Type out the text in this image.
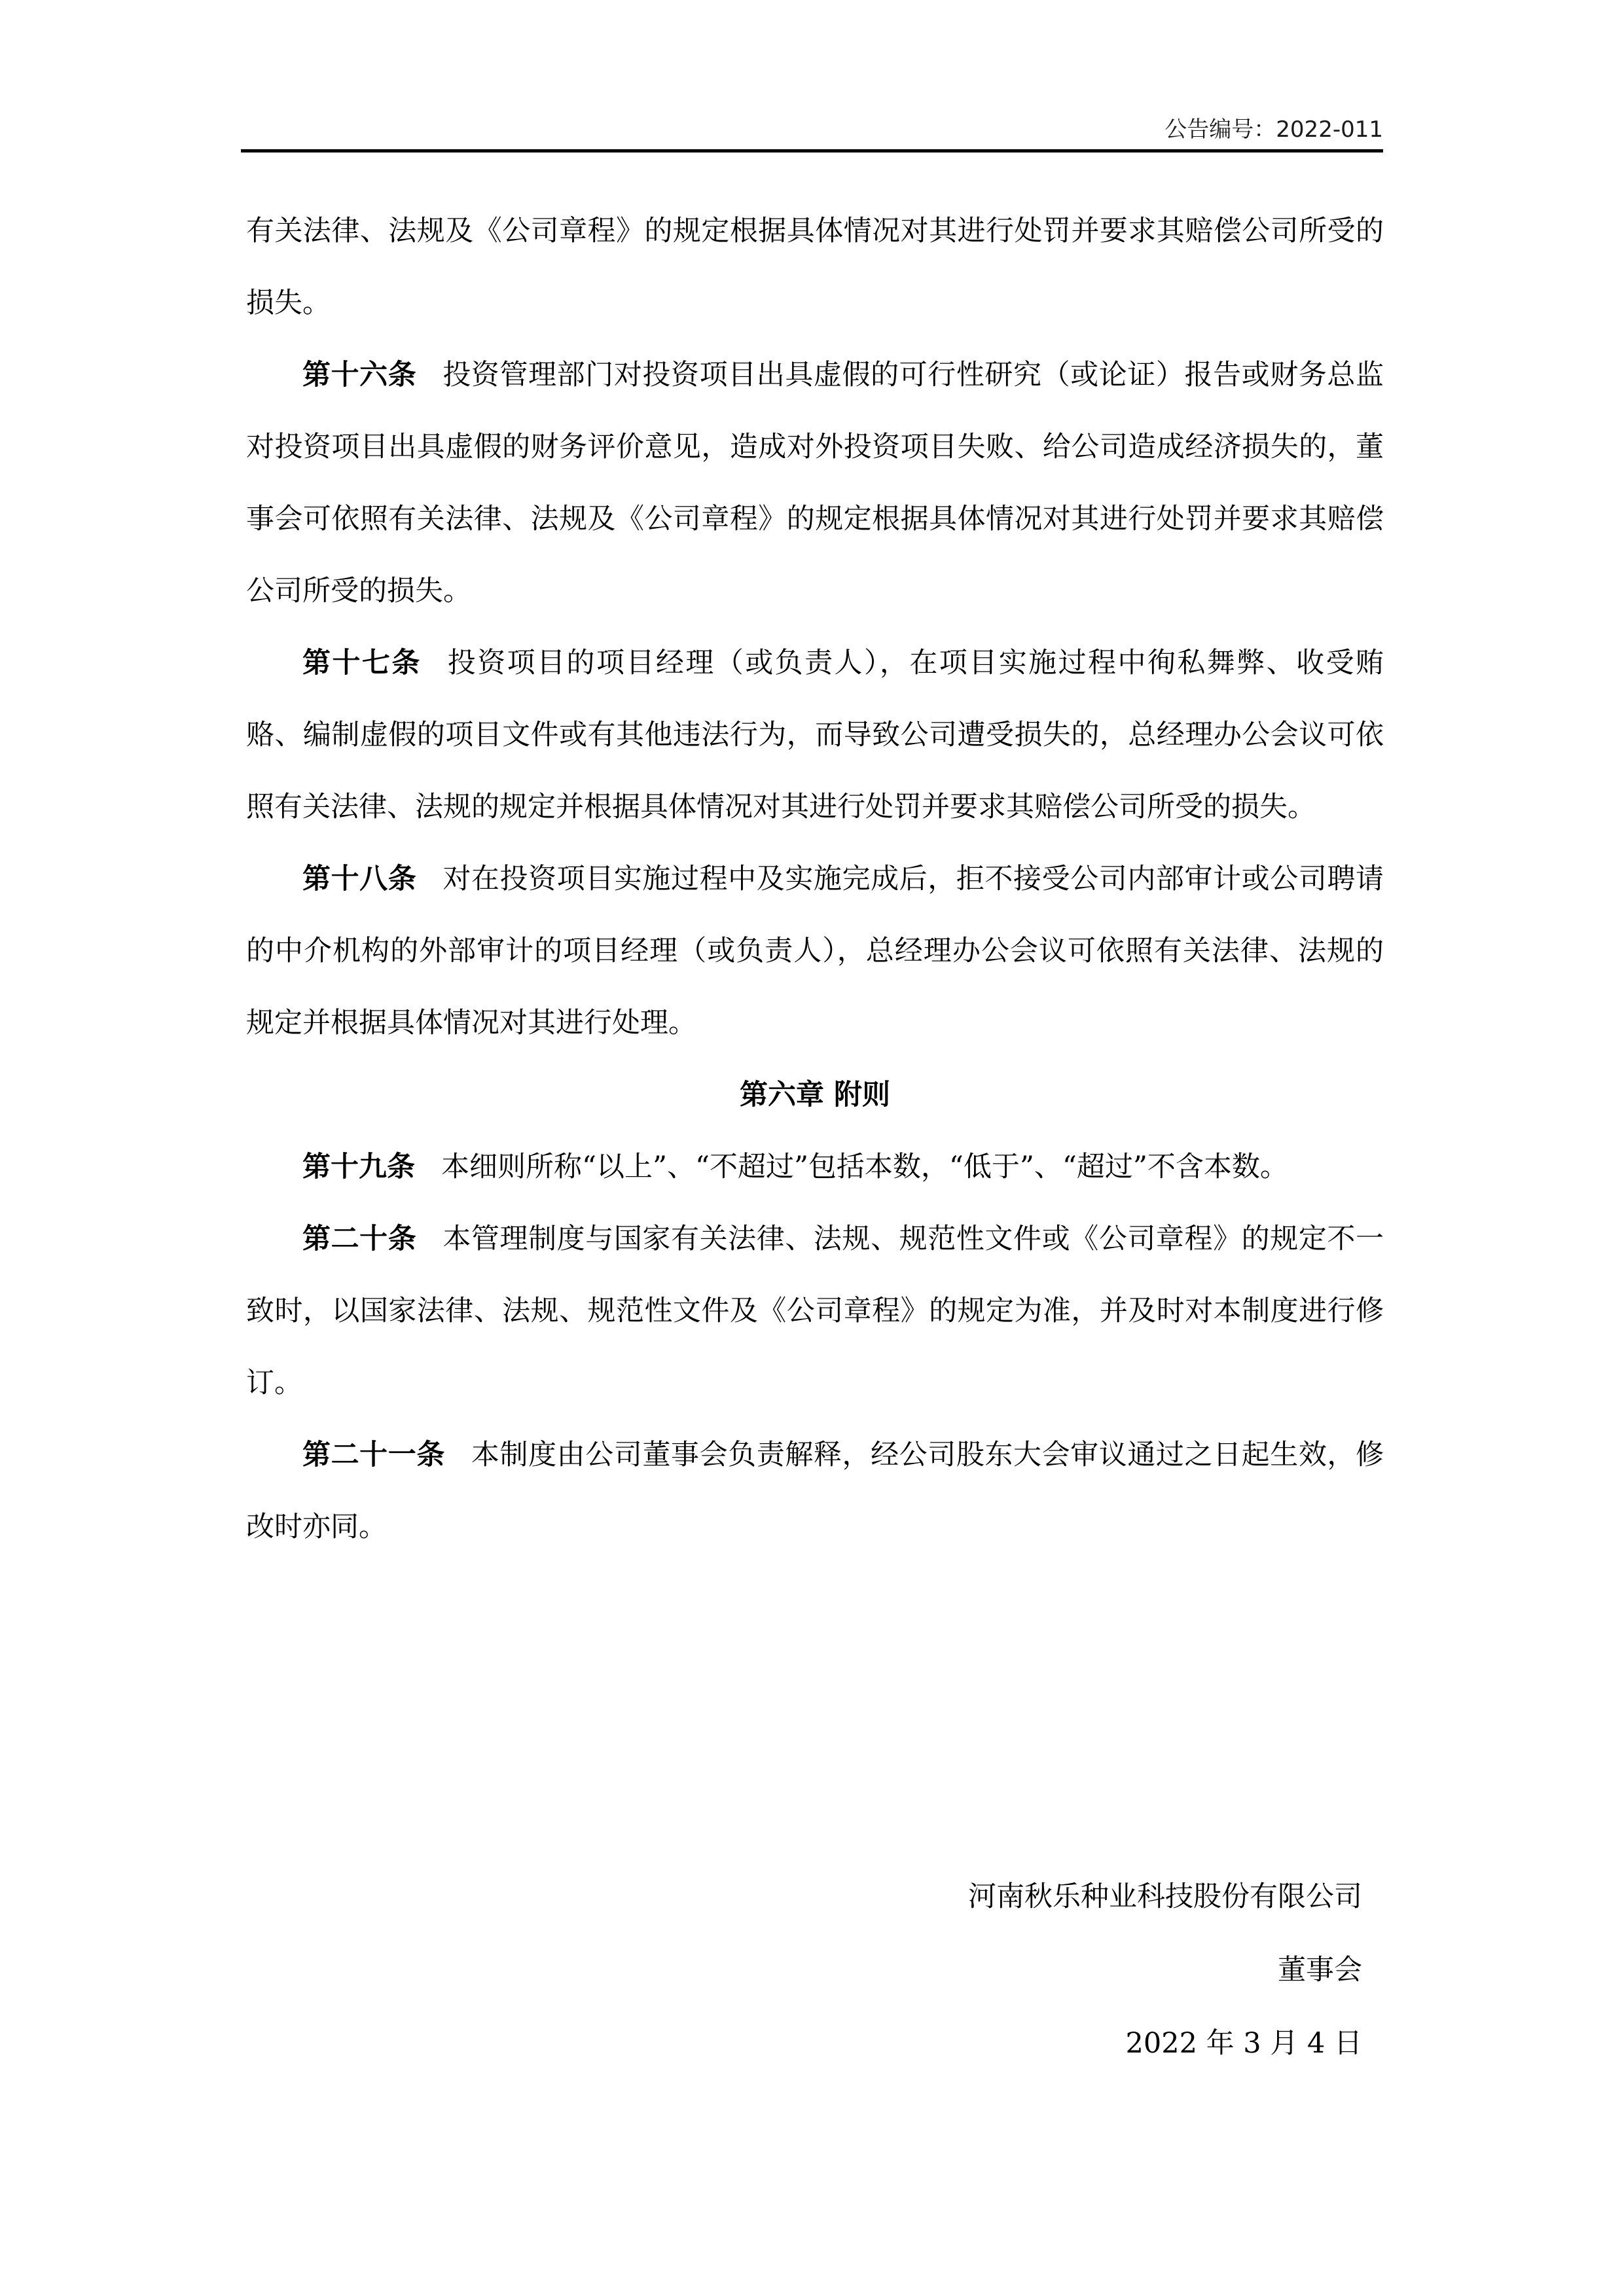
公告编号：2022-011

有关法律、法规及《公司章程》的规定根据具体情况对其进行处罚并要求其赔偿公司所受的损失。

第十六条 投资管理部门对投资项目出具虚假的可行性研究（或论证）报告或财务总监对投资项目出具虚假的财务评价意见，造成对外投资项目失败、给公司造成经济损失的，董事会可依照有关法律、法规及《公司章程》的规定根据具体情况对其进行处罚并要求其赔偿公司所受的损失。

第十七条 投资项目的项目经理（或负责人），在项目实施过程中徇私舞弊、收受贿赂、编制虚假的项目文件或有其他违法行为，而导致公司遭受损失的，总经理办公会议可依照有关法律、法规的规定并根据具体情况对其进行处罚并要求其赔偿公司所受的损失。

第十八条 对在投资项目实施过程中及实施完成后，拒不接受公司内部审计或公司聘请的中介机构的外部审计的项目经理（或负责人），总经理办公会议可依照有关法律、法规的规定并根据具体情况对其进行处理。

第六章 附则

第十九条 本细则所称“以上”、“不超过”包括本数，“低于”、“超过”不含本数。

第二十条 本管理制度与国家有关法律、法规、规范性文件或《公司章程》的规定不一致时，以国家法律、法规、规范性文件及《公司章程》的规定为准，并及时对本制度进行修订。

第二十一条 本制度由公司董事会负责解释，经公司股东大会审议通过之日起生效，修改时亦同。

河南秋乐种业科技股份有限公司
董事会
2022 年 3 月 4 日
